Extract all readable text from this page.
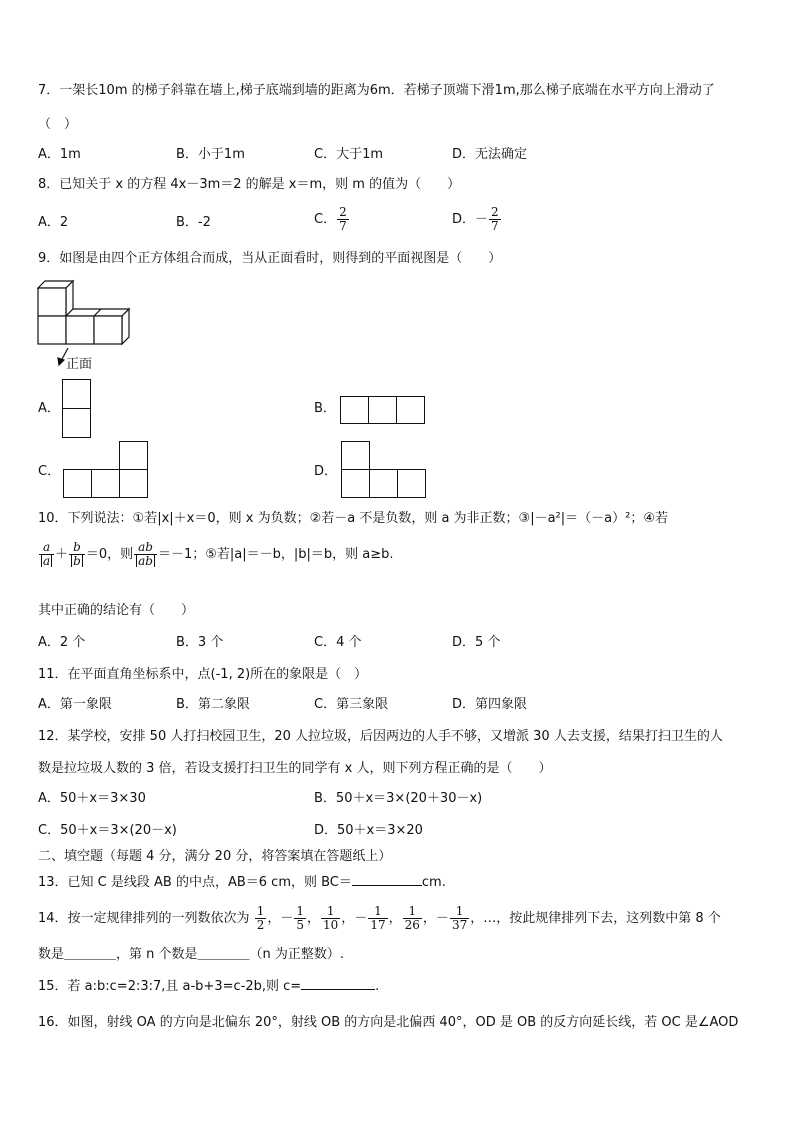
7．一架长10m 的梯子斜靠在墙上,梯子底端到墙的距离为6m．若梯子顶端下滑1m,那么梯子底端在水平方向上滑动了
（　）
A．1m	B．小于1m	C．大于1m	D．无法确定
8．已知关于 x 的方程 4x－3m＝2 的解是 x＝m，则 m 的值为（　　）
A．2	B．-2	C． $\frac{2}{7}$	D．－ $\frac{2}{7}$
9．如图是由四个正方体组合而成，当从正面看时，则得到的平面视图是（　　）
正面
A．	B．
C．	D．
10．下列说法：①若|x|＋x＝0，则 x 为负数；②若－a 不是负数，则 a 为非正数；③|－a²|＝（－a）²；④若
$\frac{a}{a} + \frac{b}{b} =0$，则 $\frac{ab}{ab} =-1$；⑤若|a|＝－b，|b|＝b，则 a≥b.
其中正确的结论有（　　）
A．2 个	B．3 个	C．4 个	D．5 个
11．在平面直角坐标系中，点(-1, 2)所在的象限是（　）
A．第一象限	B．第二象限	C．第三象限	D．第四象限
12．某学校，安排 50 人打扫校园卫生，20 人拉垃圾，后因两边的人手不够，又增派 30 人去支援，结果打扫卫生的人
数是拉垃圾人数的 3 倍，若设支援打扫卫生的同学有 x 人，则下列方程正确的是（　　）
A．50＋x＝3×30	B．50＋x＝3×(20＋30－x)
C．50＋x＝3×(20－x)	D．50＋x＝3×20
二、填空题（每题 4 分，满分 20 分，将答案填在答题纸上）
13．已知 C 是线段 AB 的中点，AB＝6 cm，则 BC＝	cm.
14．按一定规律排列的一列数依次为 $\frac{1}{2}$ ，－ $\frac{1}{5}$ ， $\frac{1}{10}$ ，－ $\frac{1}{17}$ ， $\frac{1}{26}$ ，－ $\frac{1}{37}$ ，…，按此规律排列下去，这列数中第 8 个
数是＿＿＿＿，第 n 个数是＿＿＿＿（n 为正整数）.
15．若 a:b:c=2:3:7,且 a-b+3=c-2b,则 c=	.
16．如图，射线 OA 的方向是北偏东 20°，射线 OB 的方向是北偏西 40°，OD 是 OB 的反方向延长线，若 OC 是∠AOD
